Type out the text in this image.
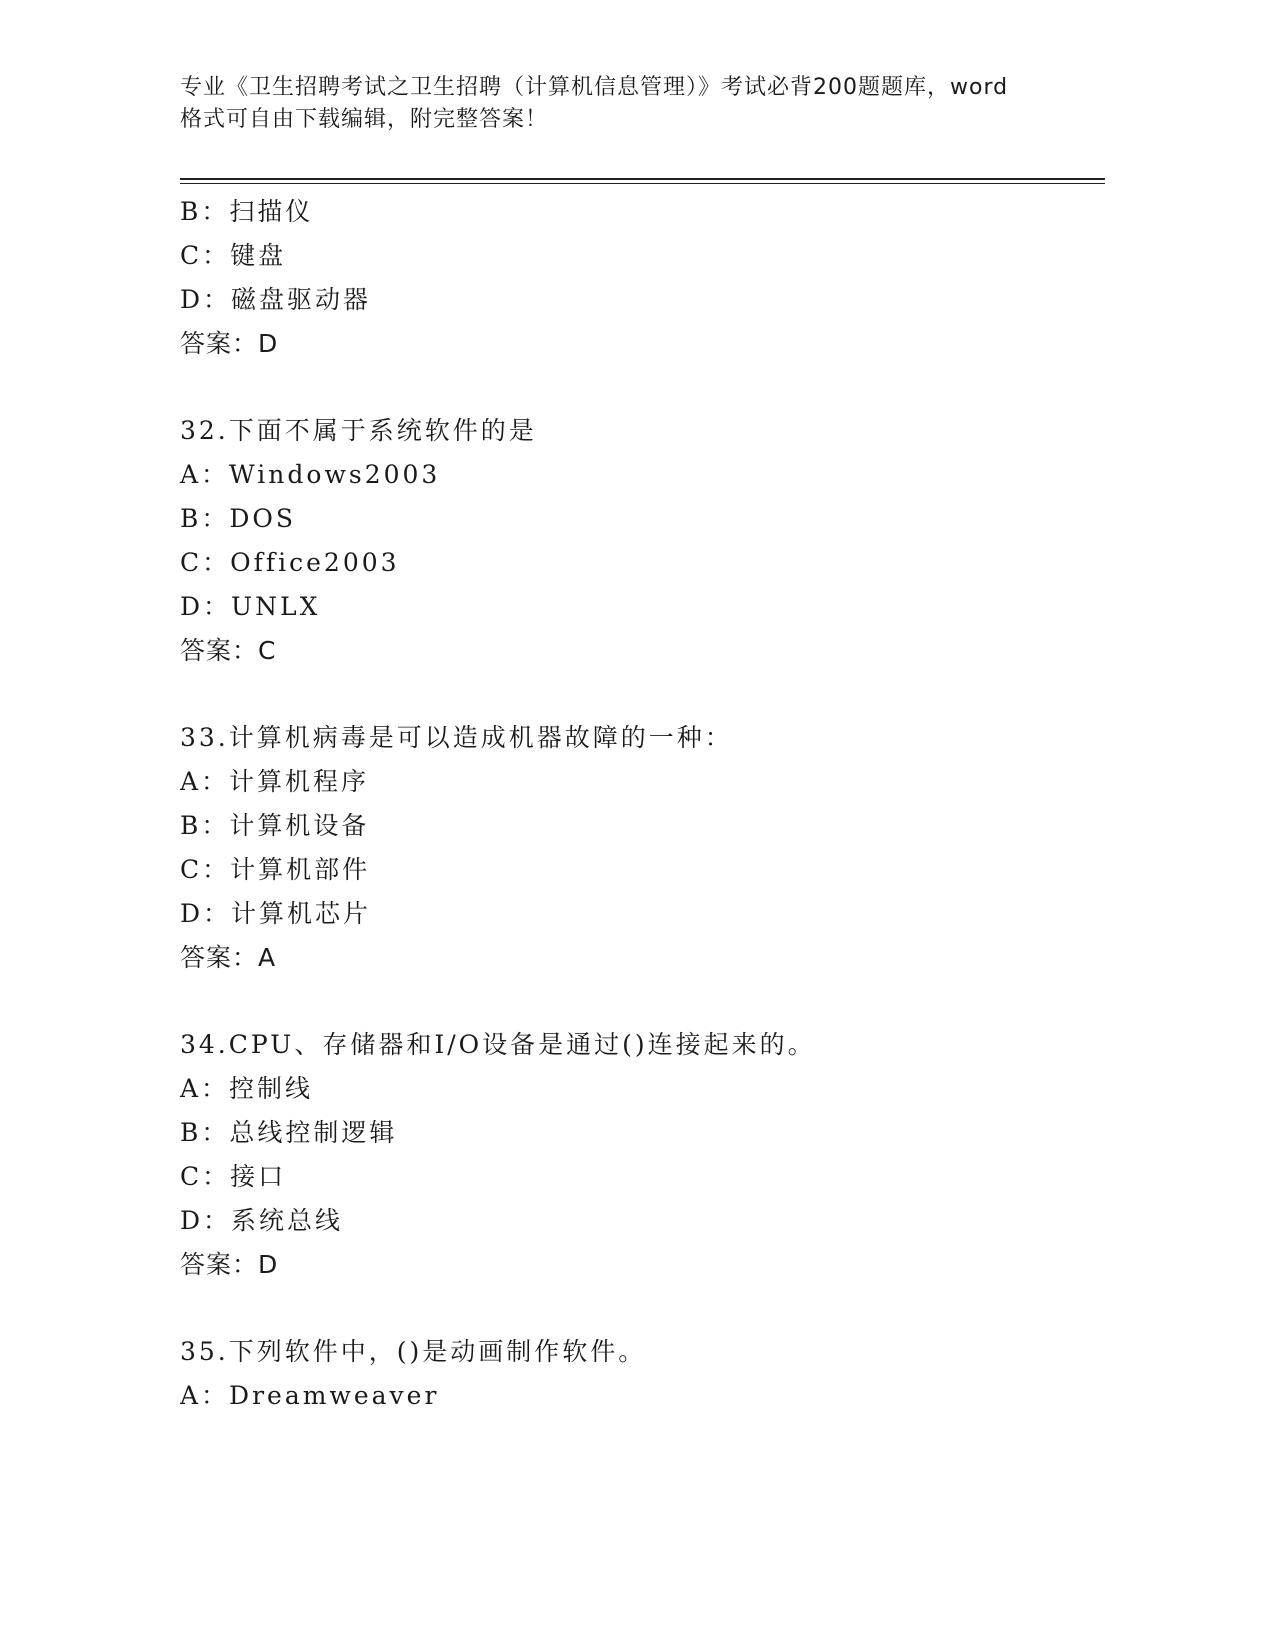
专业《卫生招聘考试之卫生招聘（计算机信息管理）》考试必背200题题库，word
格式可自由下载编辑，附完整答案！
B：扫描仪
C：键盘
D：磁盘驱动器
答案：D
32.下面不属于系统软件的是
A：Windows2003
B：DOS
C：Office2003
D：UNLX
答案：C
33.计算机病毒是可以造成机器故障的一种：
A：计算机程序
B：计算机设备
C：计算机部件
D：计算机芯片
答案：A
34.CPU、存储器和I/O设备是通过()连接起来的。
A：控制线
B：总线控制逻辑
C：接口
D：系统总线
答案：D
35.下列软件中，()是动画制作软件。
A：Dreamweaver
